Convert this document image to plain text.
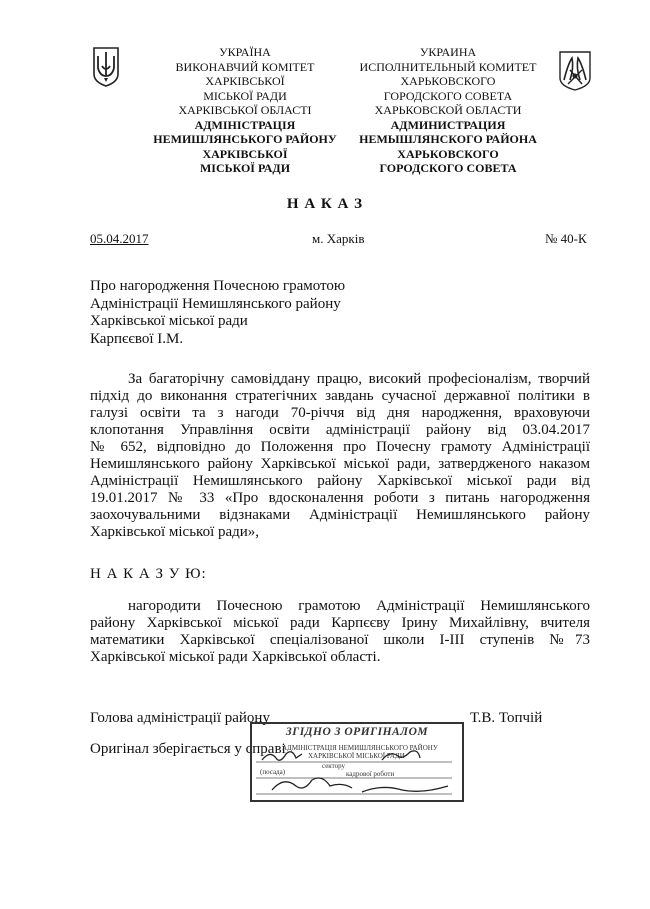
УКРАЇНА
ВИКОНАВЧИЙ КОМІТЕТ
ХАРКІВСЬКОЇ
МІСЬКОЇ РАДИ
ХАРКІВСЬКОЇ ОБЛАСТІ
АДМІНІСТРАЦІЯ
НЕМИШЛЯНСЬКОГО РАЙОНУ
ХАРКІВСЬКОЇ
МІСЬКОЇ РАДИ
УКРАИНА
ИСПОЛНИТЕЛЬНЫЙ КОМИТЕТ
ХАРЬКОВСКОГО
ГОРОДСКОГО СОВЕТА
ХАРЬКОВСКОЙ ОБЛАСТИ
АДМИНИСТРАЦИЯ
НЕМЫШЛЯНСКОГО РАЙОНА
ХАРЬКОВСКОГО
ГОРОДСКОГО СОВЕТА
Н А К А З
05.04.2017	м. Харків	№ 40-К
Про нагородження Почесною грамотою
Адміністрації Немишлянського району
Харківської міської ради
Карпєєвої І.М.
За багаторічну самовіддану працю, високий професіоналізм, творчий
підхід до виконання стратегічних завдань сучасної державної політики в
галузі освіти та з нагоди 70-річчя від дня народження, враховуючи
клопотання Управління освіти адміністрації району від 03.04.2017
№ 652, відповідно до Положення про Почесну грамоту Адміністрації
Немишлянського району Харківської міської ради, затвердженого наказом
Адміністрації Немишлянського району Харківської міської ради від
19.01.2017 № 33 «Про вдосконалення роботи з питань нагородження
заохочувальними відзнаками Адміністрації Немишлянського району
Харківської міської ради»,
Н А К А З У Ю:
нагородити Почесною грамотою Адміністрації Немишлянського
району Харківської міської ради Карпєєву Ірину Михайлівну, вчителя
математики Харківської спеціалізованої школи І-ІІІ ступенів №73
Харківської міської ради Харківської області.
Голова адміністрації району	Т.В. Топчій
Оригінал зберігається у справі
ЗГІДНО З ОРИГІНАЛОМ
АДМІНІСТРАЦІЯ НЕМИШЛЯНСЬКОГО РАЙОНУ
ХАРКІВСЬКОЇ МІСЬКОЇ РАДИ
сектору
(посада)	кадрової роботи
